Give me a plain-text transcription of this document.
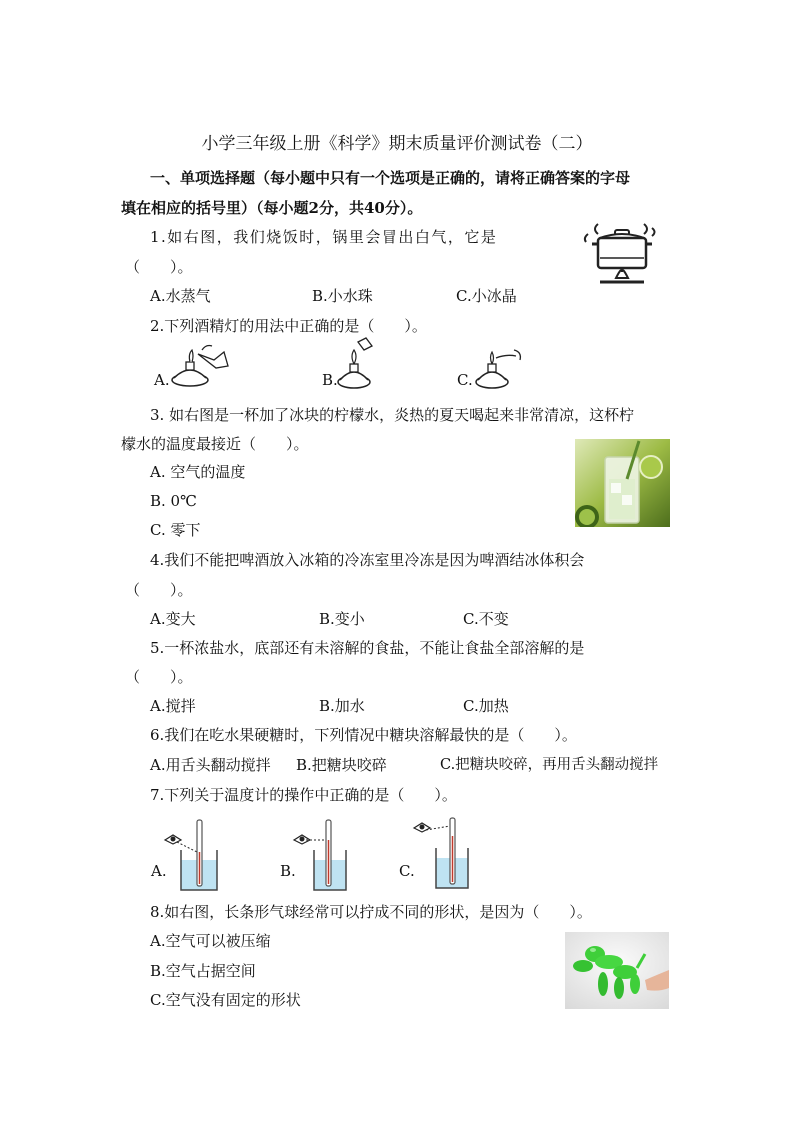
小学三年级上册《科学》期末质量评价测试卷（二）
一、单项选择题（每小题中只有一个选项是正确的，请将正确答案的字母
填在相应的括号里）（每小题2分，共40分）。
1.如右图，我们烧饭时，锅里会冒出白气，它是
（　　）。
A.水蒸气	B.小水珠	C.小冰晶
2.下列酒精灯的用法中正确的是（　　）。
A.	B.	C.
3. 如右图是一杯加了冰块的柠檬水，炎热的夏天喝起来非常清凉，这杯柠
檬水的温度最接近（　　）。
A. 空气的温度
B. 0℃
C. 零下
4.我们不能把啤酒放入冰箱的冷冻室里冷冻是因为啤酒结冰体积会
（　　）。
A.变大	B.变小	C.不变
5.一杯浓盐水，底部还有未溶解的食盐，不能让食盐全部溶解的是
（　　）。
A.搅拌	B.加水	C.加热
6.我们在吃水果硬糖时，下列情况中糖块溶解最快的是（　　）。
A.用舌头翻动搅拌 B.把糖块咬碎	C.把糖块咬碎，再用舌头翻动搅拌
7.下列关于温度计的操作中正确的是（　　）。
A.	B.	C.
8.如右图，长条形气球经常可以拧成不同的形状，是因为（　　）。
A.空气可以被压缩
B.空气占据空间
C.空气没有固定的形状
